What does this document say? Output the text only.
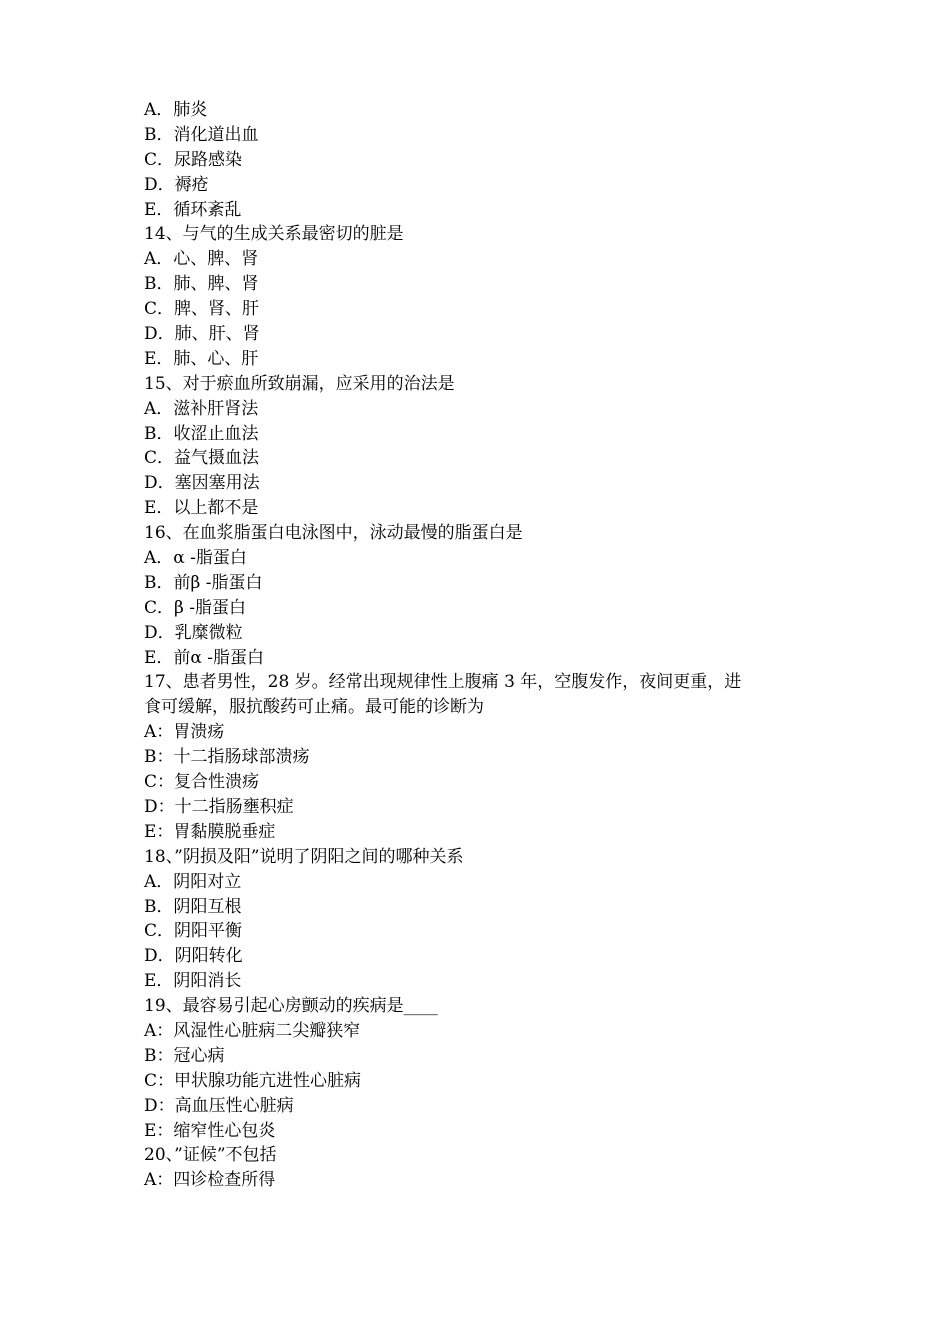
A．肺炎
B．消化道出血
C．尿路感染
D．褥疮
E．循环紊乱
14、与气的生成关系最密切的脏是
A．心、脾、肾
B．肺、脾、肾
C．脾、肾、肝
D．肺、肝、肾
E．肺、心、肝
15、对于瘀血所致崩漏，应采用的治法是
A．滋补肝肾法
B．收涩止血法
C．益气摄血法
D．塞因塞用法
E．以上都不是
16、在血浆脂蛋白电泳图中，泳动最慢的脂蛋白是
A．α -脂蛋白
B．前β -脂蛋白
C．β -脂蛋白
D．乳糜微粒
E．前α -脂蛋白
17、患者男性，28 岁。经常出现规律性上腹痛 3 年，空腹发作，夜间更重，进
食可缓解，服抗酸药可止痛。最可能的诊断为
A：胃溃疡
B：十二指肠球部溃疡
C：复合性溃疡
D：十二指肠壅积症
E：胃黏膜脱垂症
18、”阴损及阳”说明了阴阳之间的哪种关系
A．阴阳对立
B．阴阳互根
C．阴阳平衡
D．阴阳转化
E．阴阳消长
19、最容易引起心房颤动的疾病是____
A：风湿性心脏病二尖瓣狭窄
B：冠心病
C：甲状腺功能亢进性心脏病
D：高血压性心脏病
E：缩窄性心包炎
20、”证候”不包括
A：四诊检查所得
